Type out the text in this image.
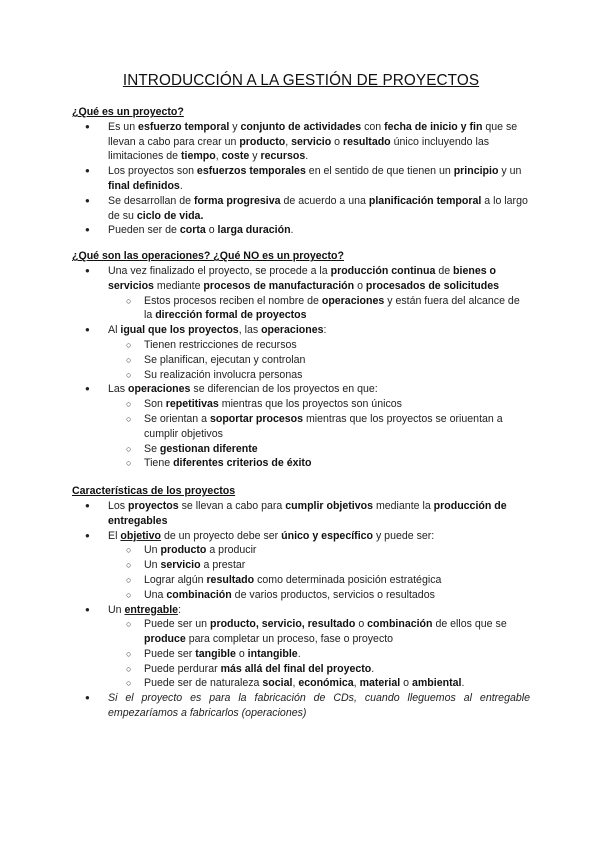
INTRODUCCIÓN A LA GESTIÓN DE PROYECTOS

¿Qué es un proyecto?

● Es un esfuerzo temporal y conjunto de actividades con fecha de inicio y fin que se llevan a cabo para crear un producto, servicio o resultado único incluyendo las limitaciones de tiempo, coste y recursos.
● Los proyectos son esfuerzos temporales en el sentido de que tienen un principio y un final definidos.
● Se desarrollan de forma progresiva de acuerdo a una planificación temporal a lo largo de su ciclo de vida.
● Pueden ser de corta o larga duración.

¿Qué son las operaciones? ¿Qué NO es un proyecto?

● Una vez finalizado el proyecto, se procede a la producción continua de bienes o servicios mediante procesos de manufacturación o procesados de solicitudes
○ Estos procesos reciben el nombre de operaciones y están fuera del alcance de la dirección formal de proyectos
● Al igual que los proyectos, las operaciones:
○ Tienen restricciones de recursos
○ Se planifican, ejecutan y controlan
○ Su realización involucra personas
● Las operaciones se diferencian de los proyectos en que:
○ Son repetitivas mientras que los proyectos son únicos
○ Se orientan a soportar procesos mientras que los proyectos se oriuentan a cumplir objetivos
○ Se gestionan diferente
○ Tiene diferentes criterios de éxito

Características de los proyectos

● Los proyectos se llevan a cabo para cumplir objetivos mediante la producción de entregables
● El objetivo de un proyecto debe ser único y específico y puede ser:
○ Un producto a producir
○ Un servicio a prestar
○ Lograr algún resultado como determinada posición estratégica
○ Una combinación de varios productos, servicios o resultados
● Un entregable:
○ Puede ser un producto, servicio, resultado o combinación de ellos que se produce para completar un proceso, fase o proyecto
○ Puede ser tangible o intangible.
○ Puede perdurar más allá del final del proyecto.
○ Puede ser de naturaleza social, económica, material o ambiental.
● Si el proyecto es para la fabricación de CDs, cuando lleguemos al entregable empezaríamos a fabricarlos (operaciones)
